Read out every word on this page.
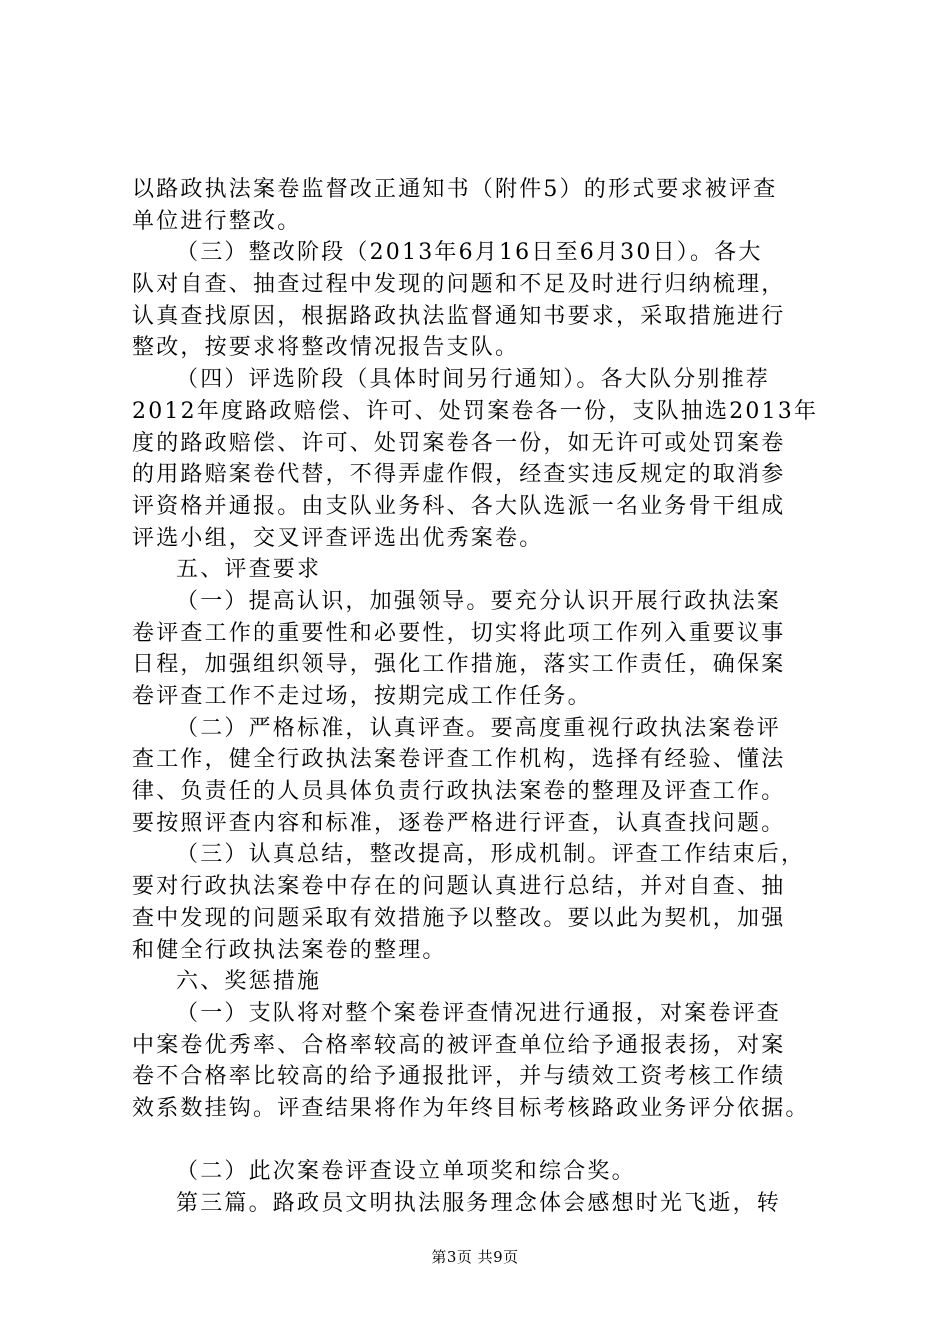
以路政执法案卷监督改正通知书（附件5）的形式要求被评查
单位进行整改。
（三）整改阶段（2013年6月16日至6月30日）。各大
队对自查、抽查过程中发现的问题和不足及时进行归纳梳理，
认真查找原因，根据路政执法监督通知书要求，采取措施进行
整改，按要求将整改情况报告支队。
（四）评选阶段（具体时间另行通知）。各大队分别推荐
2012年度路政赔偿、许可、处罚案卷各一份，支队抽选2013年
度的路政赔偿、许可、处罚案卷各一份，如无许可或处罚案卷
的用路赔案卷代替，不得弄虚作假，经查实违反规定的取消参
评资格并通报。由支队业务科、各大队选派一名业务骨干组成
评选小组，交叉评查评选出优秀案卷。
五、评查要求
（一）提高认识，加强领导。要充分认识开展行政执法案
卷评查工作的重要性和必要性，切实将此项工作列入重要议事
日程，加强组织领导，强化工作措施，落实工作责任，确保案
卷评查工作不走过场，按期完成工作任务。
（二）严格标准，认真评查。要高度重视行政执法案卷评
查工作，健全行政执法案卷评查工作机构，选择有经验、懂法
律、负责任的人员具体负责行政执法案卷的整理及评查工作。
要按照评查内容和标准，逐卷严格进行评查，认真查找问题。
（三）认真总结，整改提高，形成机制。评查工作结束后，
要对行政执法案卷中存在的问题认真进行总结，并对自查、抽
查中发现的问题采取有效措施予以整改。要以此为契机，加强
和健全行政执法案卷的整理。
六、奖惩措施
（一）支队将对整个案卷评查情况进行通报，对案卷评查
中案卷优秀率、合格率较高的被评查单位给予通报表扬，对案
卷不合格率比较高的给予通报批评，并与绩效工资考核工作绩
效系数挂钩。评查结果将作为年终目标考核路政业务评分依据。
（二）此次案卷评查设立单项奖和综合奖。
第三篇。路政员文明执法服务理念体会感想时光飞逝，转
第3页 共9页
